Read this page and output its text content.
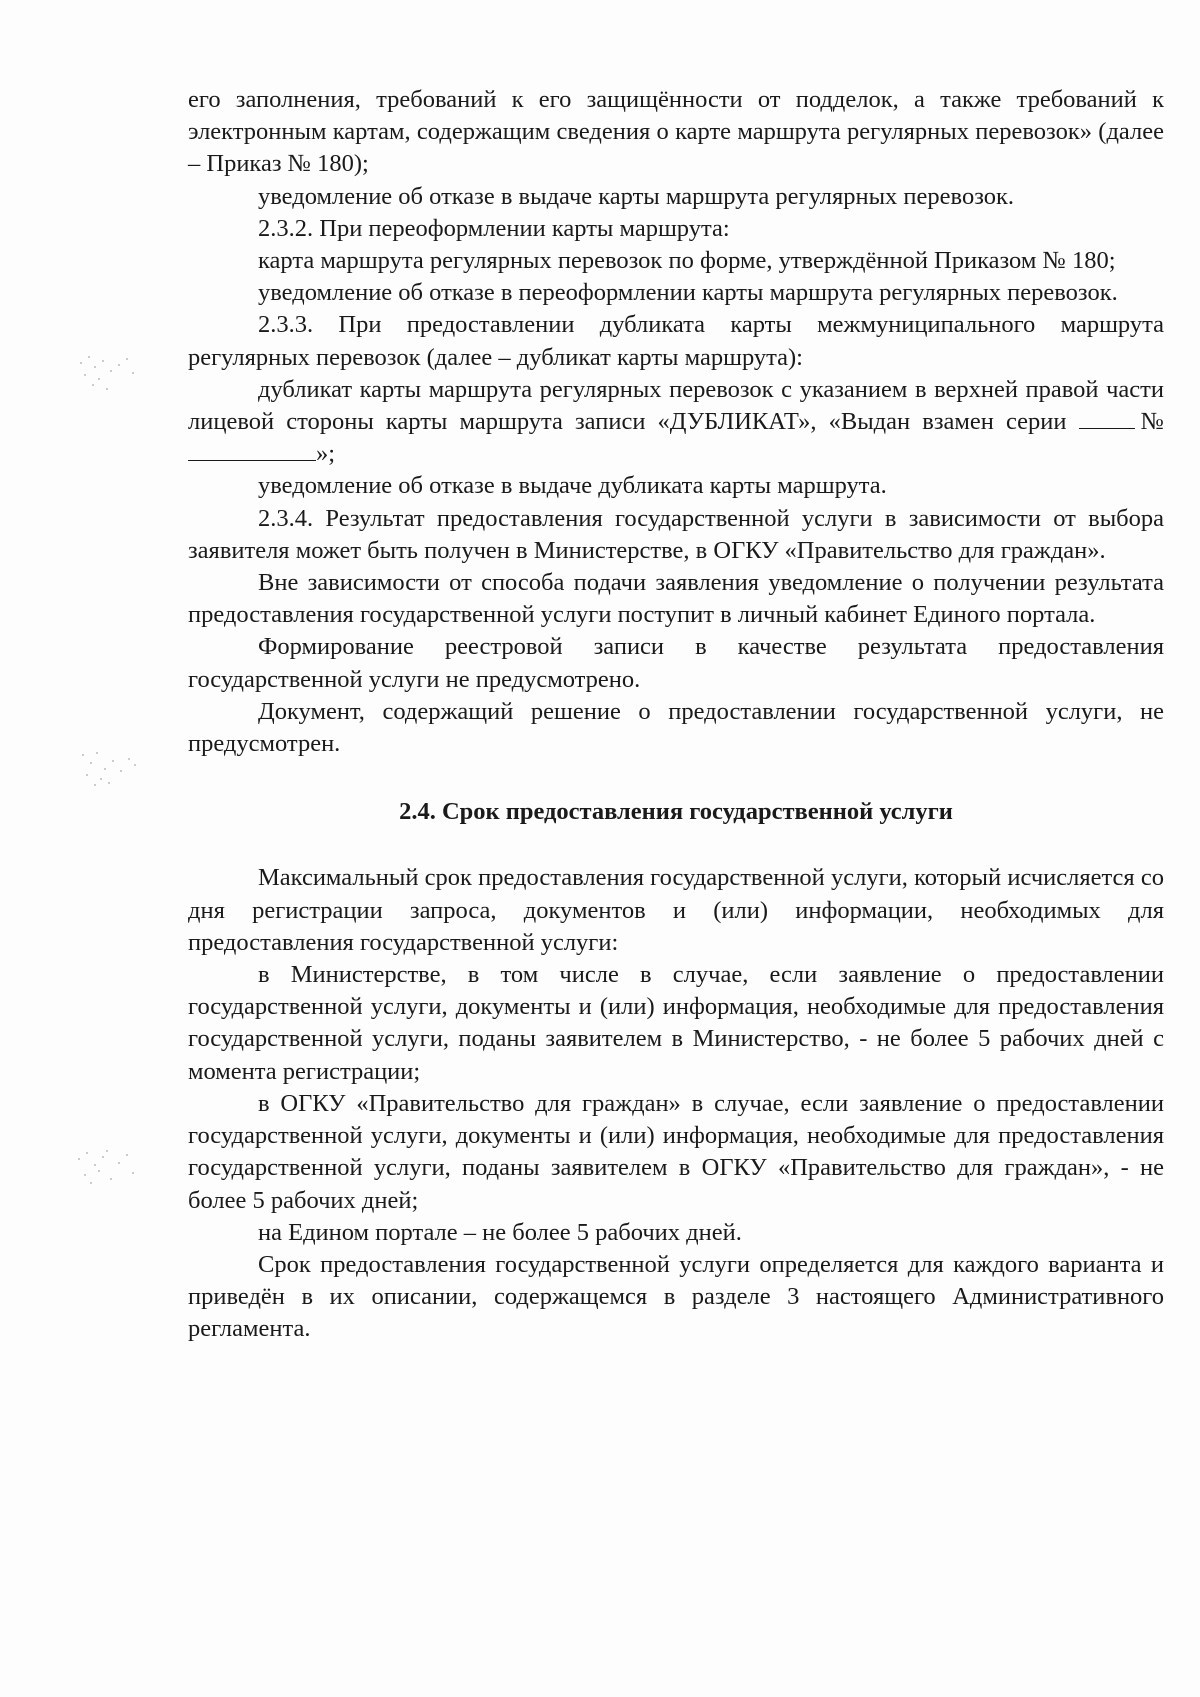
его заполнения, требований к его защищённости от подделок, а также требований к электронным картам, содержащим сведения о карте маршрута регулярных перевозок» (далее – Приказ № 180);

уведомление об отказе в выдаче карты маршрута регулярных перевозок.

2.3.2. При переоформлении карты маршрута:

карта маршрута регулярных перевозок по форме, утверждённой Приказом № 180;

уведомление об отказе в переоформлении карты маршрута регулярных перевозок.

2.3.3. При предоставлении дубликата карты межмуниципального маршрута регулярных перевозок (далее – дубликат карты маршрута):

дубликат карты маршрута регулярных перевозок с указанием в верхней правой части лицевой стороны карты маршрута записи «ДУБЛИКАТ», «Выдан взамен серии № »;

уведомление об отказе в выдаче дубликата карты маршрута.

2.3.4. Результат предоставления государственной услуги в зависимости от выбора заявителя может быть получен в Министерстве, в ОГКУ «Правительство для граждан».

Вне зависимости от способа подачи заявления уведомление о получении результата предоставления государственной услуги поступит в личный кабинет Единого портала.

Формирование реестровой записи в качестве результата предоставления государственной услуги не предусмотрено.

Документ, содержащий решение о предоставлении государственной услуги, не предусмотрен.

2.4. Срок предоставления государственной услуги

Максимальный срок предоставления государственной услуги, который исчисляется со дня регистрации запроса, документов и (или) информации, необходимых для предоставления государственной услуги:

в Министерстве, в том числе в случае, если заявление о предоставлении государственной услуги, документы и (или) информация, необходимые для предоставления государственной услуги, поданы заявителем в Министерство, - не более 5 рабочих дней с момента регистрации;

в ОГКУ «Правительство для граждан» в случае, если заявление о предоставлении государственной услуги, документы и (или) информация, необходимые для предоставления государственной услуги, поданы заявителем в ОГКУ «Правительство для граждан», - не более 5 рабочих дней;

на Едином портале – не более 5 рабочих дней.

Срок предоставления государственной услуги определяется для каждого варианта и приведён в их описании, содержащемся в разделе 3 настоящего Административного регламента.
